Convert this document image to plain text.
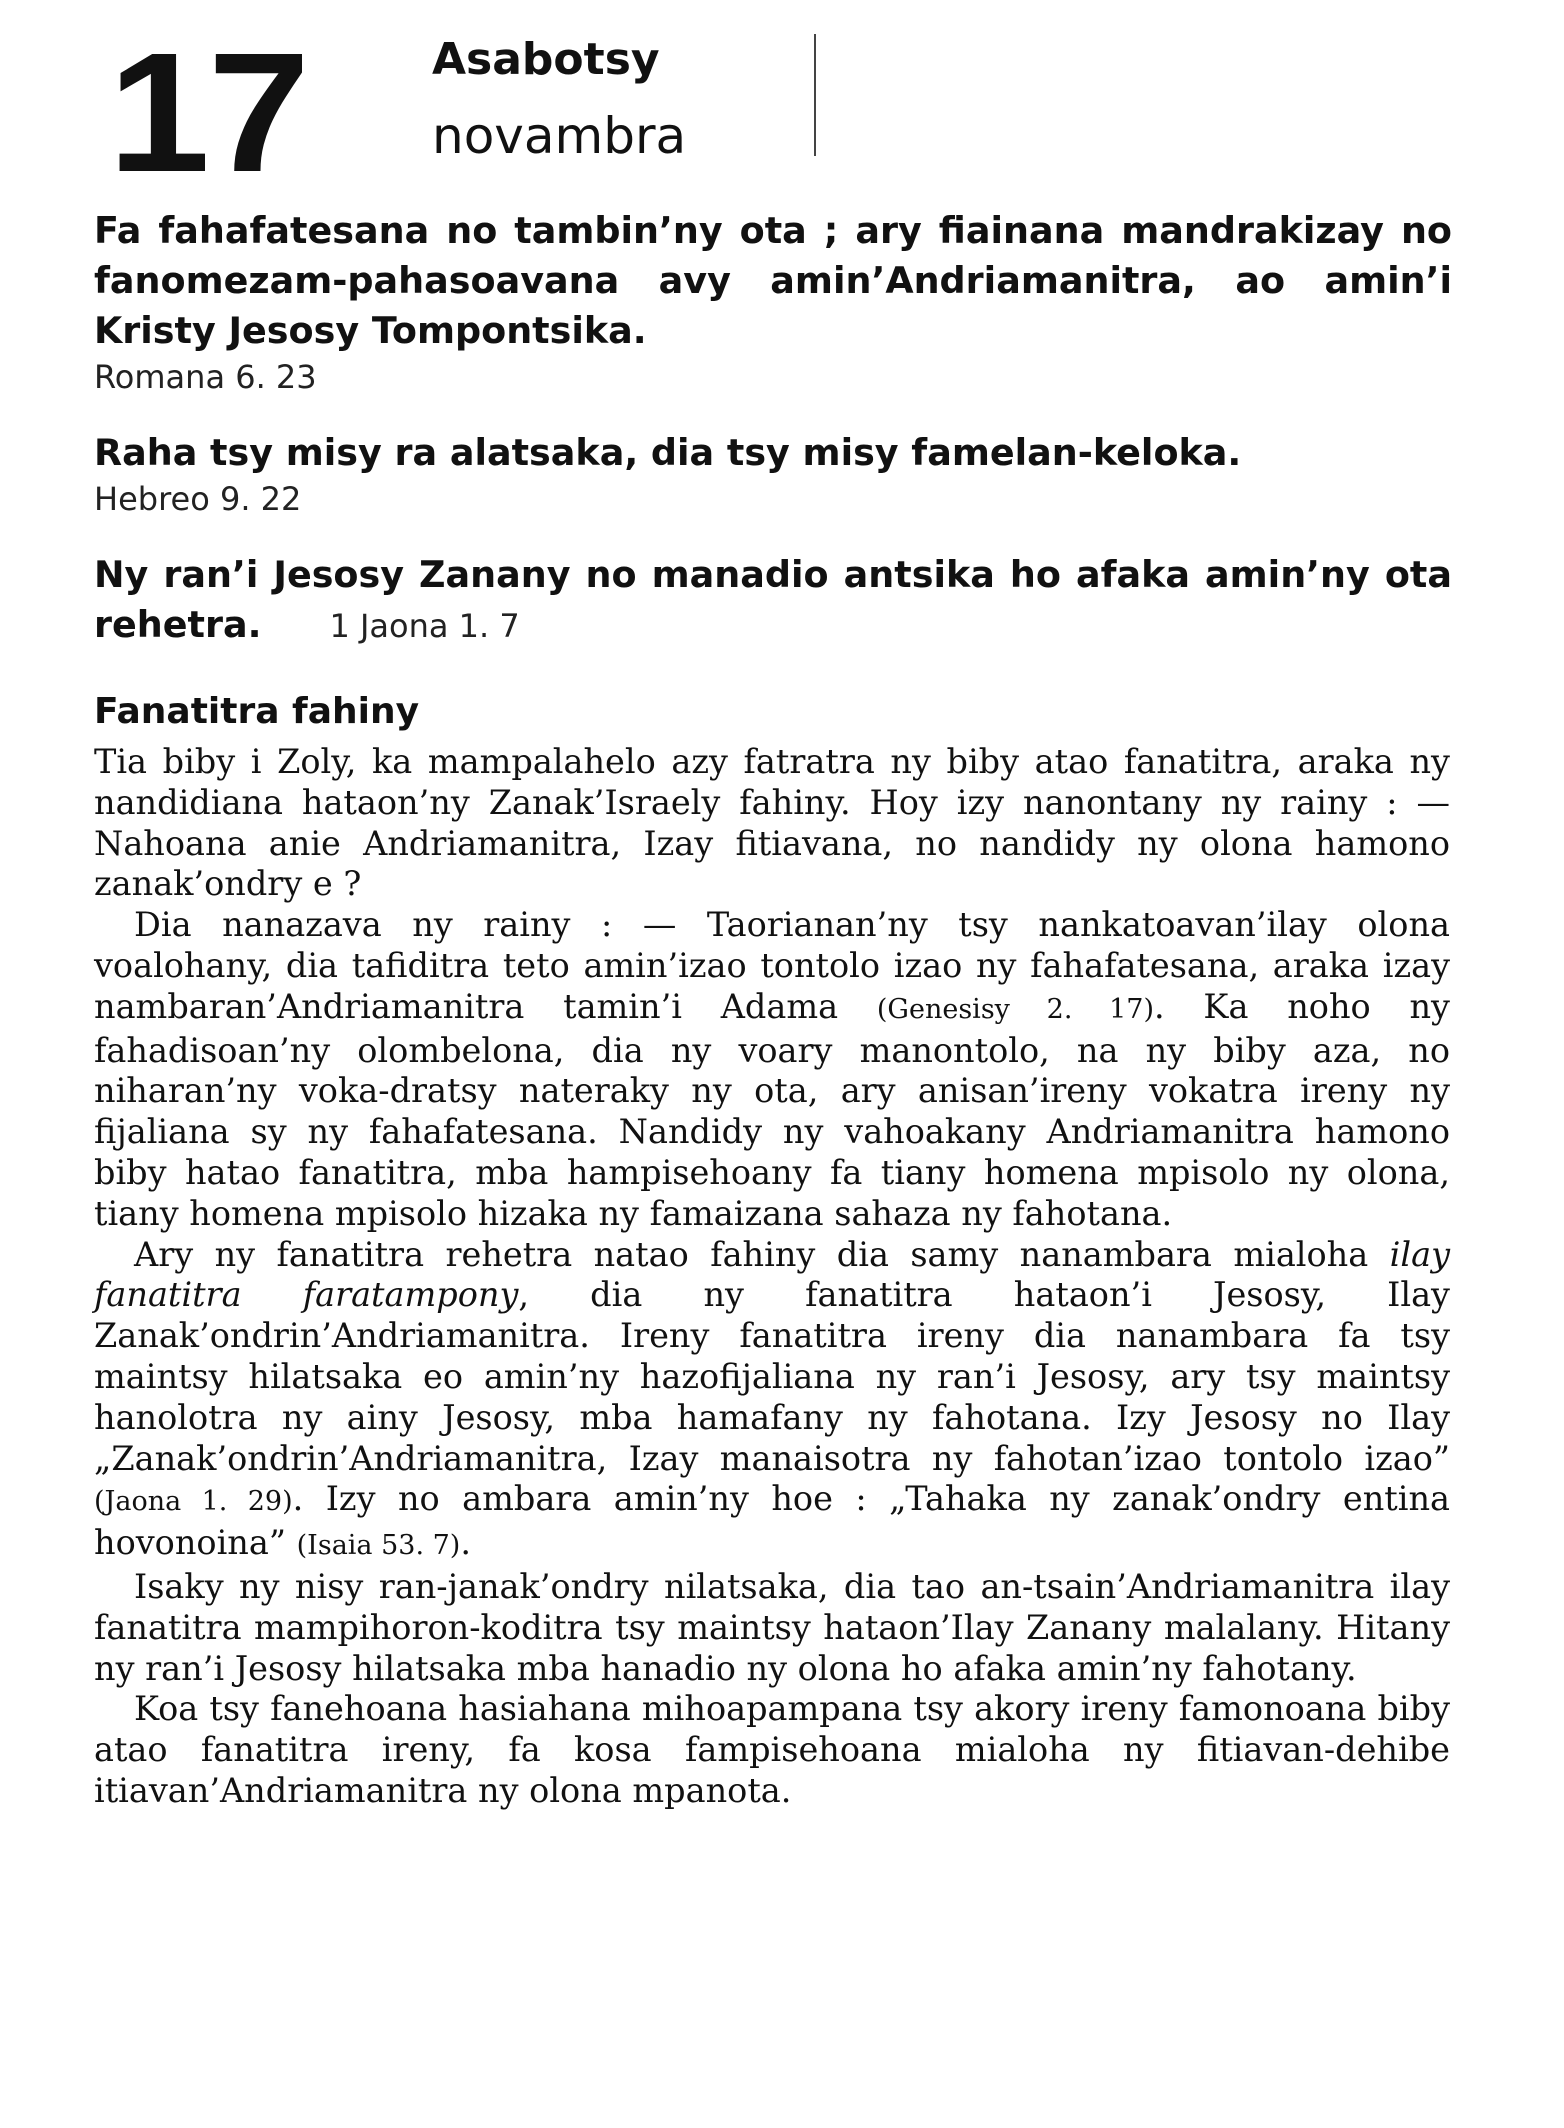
17	Asabotsy
novambra
Fa fahafatesana no tambin’ny ota ; ary fiainana mandrakizay no fanomezam-pahasoavana avy amin’Andriamanitra, ao amin’i Kristy Jesosy Tompontsika.
Romana 6. 23
Raha tsy misy ra alatsaka, dia tsy misy famelan-keloka.
Hebreo 9. 22
Ny ran’i Jesosy Zanany no manadio antsika ho afaka amin’ny ota rehetra. 1 Jaona 1. 7
Fanatitra fahiny

Tia biby i Zoly, ka mampalahelo azy fatratra ny biby atao fanatitra, araka ny nandidiana hataon’ny Zanak’Israely fahiny. Hoy izy nanontany ny rainy : — Nahoana anie Andriamanitra, Izay fitiavana, no nandidy ny olona hamono zanak’ondry e ?

Dia nanazava ny rainy : — Taorianan’ny tsy nankatoavan’ilay olona voalohany, dia tafiditra teto amin’izao tontolo izao ny fahafatesana, araka izay nambaran’Andriamanitra tamin’i Adama (Genesisy 2. 17). Ka noho ny fahadisoan’ny olombelona, dia ny voary manontolo, na ny biby aza, no niharan’ny voka-dratsy nateraky ny ota, ary anisan’ireny vokatra ireny ny fijaliana sy ny fahafatesana. Nandidy ny vahoakany Andriamanitra hamono biby hatao fanatitra, mba hampisehoany fa tiany homena mpisolo ny olona, tiany homena mpisolo hizaka ny famaizana sahaza ny fahotana.

Ary ny fanatitra rehetra natao fahiny dia samy nanambara mialoha ilay fanatitra faratampony, dia ny fanatitra hataon’i Jesosy, Ilay Zanak’ondrin’Andriamanitra. Ireny fanatitra ireny dia nanambara fa tsy maintsy hilatsaka eo amin’ny hazofijaliana ny ran’i Jesosy, ary tsy maintsy hanolotra ny ainy Jesosy, mba hamafany ny fahotana. Izy Jesosy no Ilay „Zanak’ondrin’Andriamanitra, Izay manaisotra ny fahotan’izao tontolo izao” (Jaona 1. 29). Izy no ambara amin’ny hoe : „Tahaka ny zanak’ondry entina hovonoina” (Isaia 53. 7).

Isaky ny nisy ran-janak’ondry nilatsaka, dia tao an-tsain’Andriamanitra ilay fanatitra mampihoron-koditra tsy maintsy hataon’Ilay Zanany malalany. Hitany ny ran’i Jesosy hilatsaka mba hanadio ny olona ho afaka amin’ny fahotany.

Koa tsy fanehoana hasiahana mihoapampana tsy akory ireny famonoana biby atao fanatitra ireny, fa kosa fampisehoana mialoha ny fitiavan-dehibe itiavan’Andriamanitra ny olona mpanota.
